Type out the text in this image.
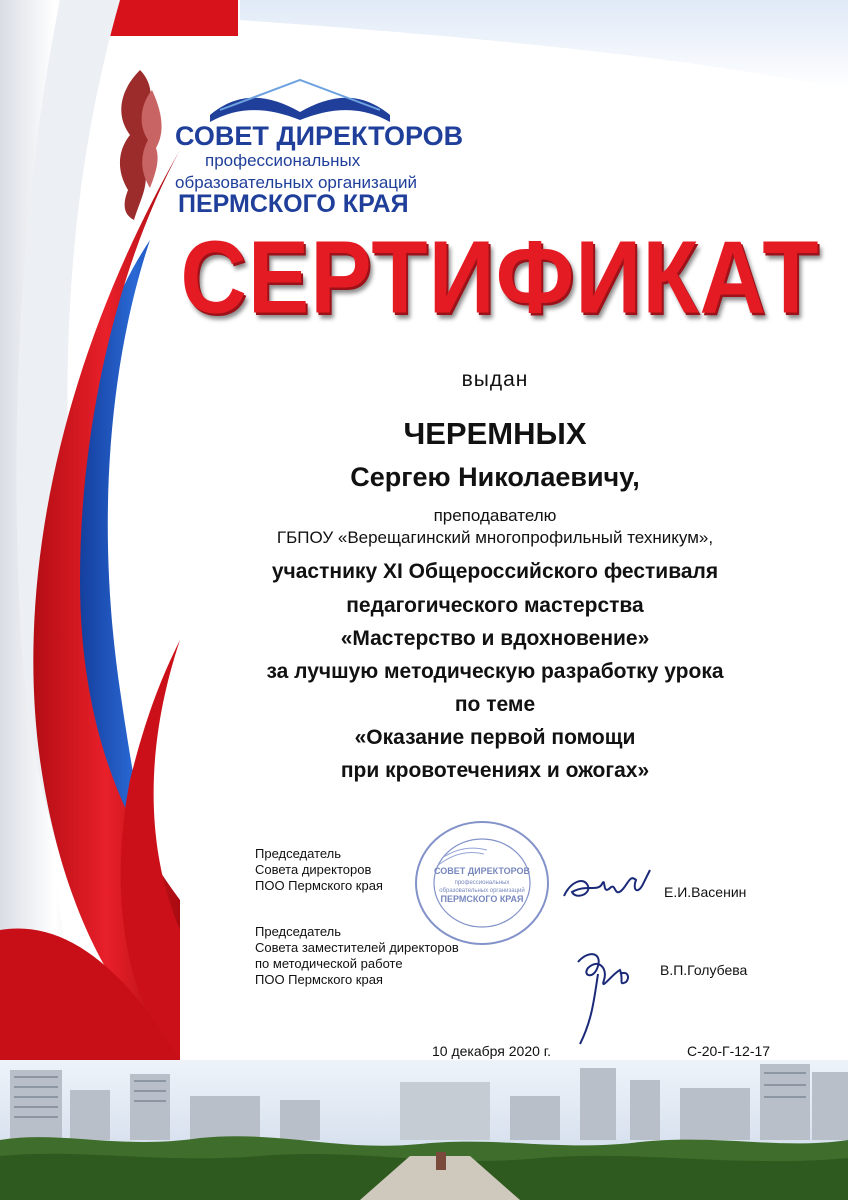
СОВЕТ ДИРЕКТОРОВ
профессиональных
образовательных организаций
ПЕРМСКОГО КРАЯ
СЕРТИФИКАТ
выдан
ЧЕРЕМНЫХ
Сергею Николаевичу,
преподавателю
ГБПОУ «Верещагинский многопрофильный техникум»,
участнику XI Общероссийского фестиваля
педагогического мастерства
«Мастерство и вдохновение»
за лучшую методическую разработку урока
по теме
«Оказание первой помощи
при кровотечениях и ожогах»
Председатель
Совета директоров
ПОО Пермского края	Е.И.Васенин
Председатель
Совета заместителей директоров
по методической работе
ПОО Пермского края
В.П.Голубева
СОВЕТ ДИРЕКТОРОВ
профессиональных
образовательных организаций
ПЕРМСКОГО КРАЯ
10 декабря 2020 г.	С-20-Г-12-17
